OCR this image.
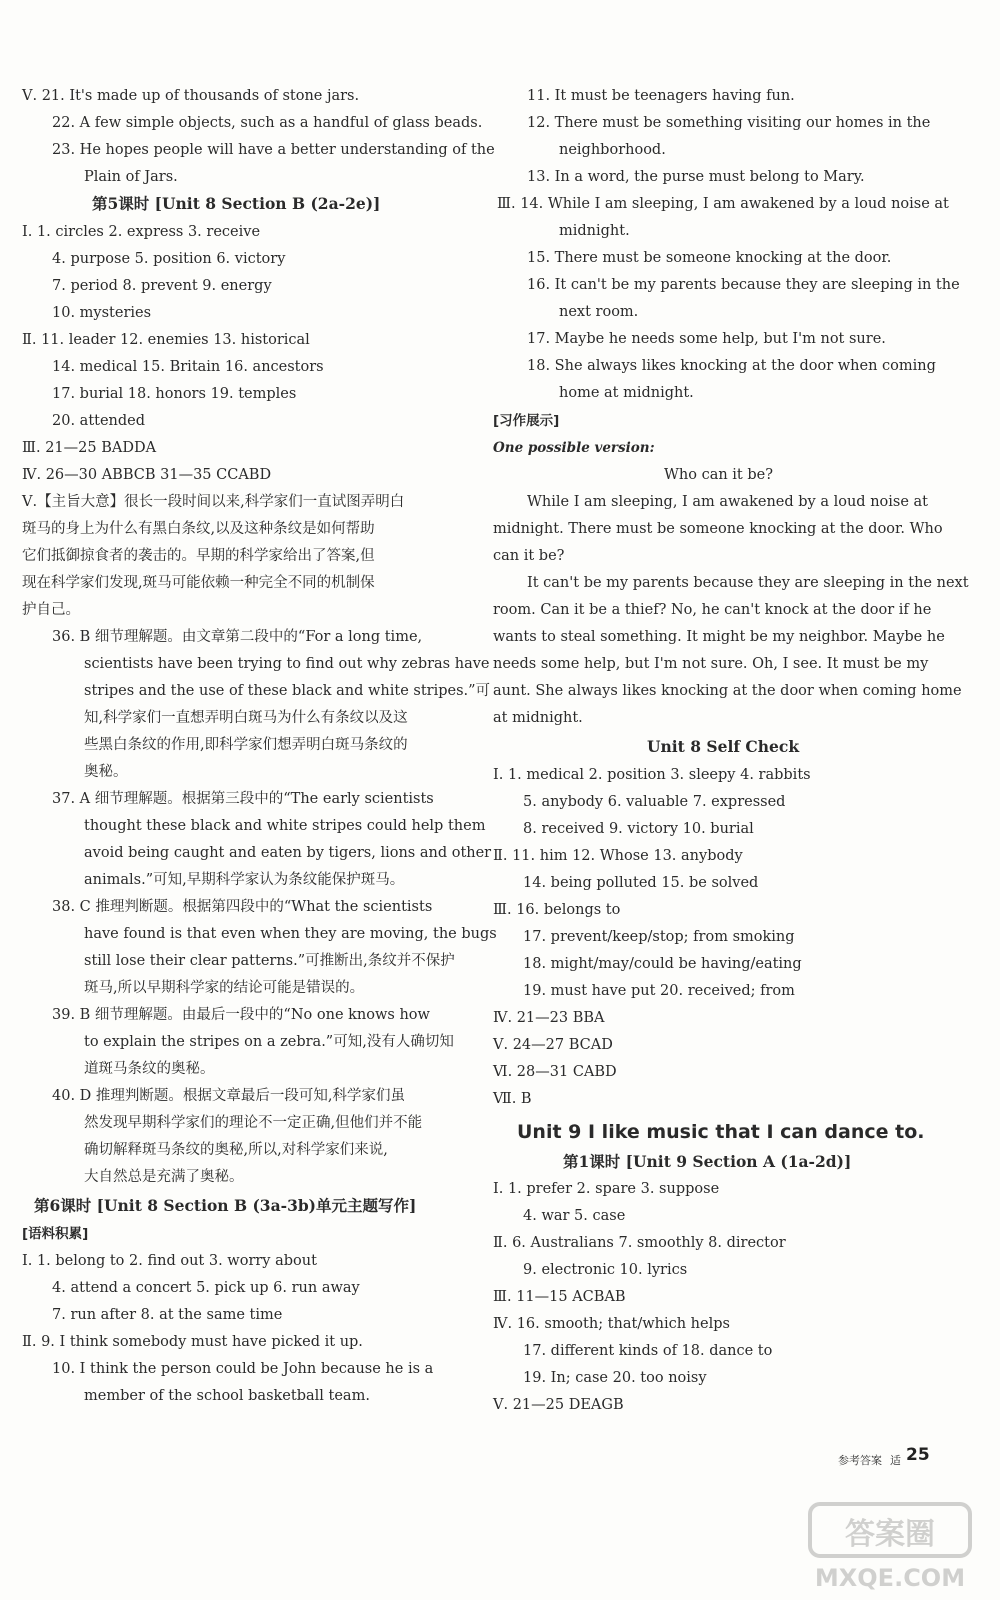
Ⅴ. 21. It's made up of thousands of stone jars.
22. A few simple objects, such as a handful of glass beads.
23. He hopes people will have a better understanding of the
Plain of Jars.
第5课时 [Unit 8 Section B (2a-2e)]
Ⅰ. 1. circles 2. express 3. receive
4. purpose 5. position 6. victory
7. period 8. prevent 9. energy
10. mysteries
Ⅱ. 11. leader 12. enemies 13. historical
14. medical 15. Britain 16. ancestors
17. burial 18. honors 19. temples
20. attended
Ⅲ. 21—25 BADDA
Ⅳ. 26—30 ABBCB 31—35 CCABD
Ⅴ.【主旨大意】很长一段时间以来,科学家们一直试图弄明白
斑马的身上为什么有黑白条纹,以及这种条纹是如何帮助
它们抵御掠食者的袭击的。早期的科学家给出了答案,但
现在科学家们发现,斑马可能依赖一种完全不同的机制保
护自己。
36. B 细节理解题。由文章第二段中的“For a long time,
scientists have been trying to find out why zebras have
stripes and the use of these black and white stripes.”可
知,科学家们一直想弄明白斑马为什么有条纹以及这
些黑白条纹的作用,即科学家们想弄明白斑马条纹的
奥秘。
37. A 细节理解题。根据第三段中的“The early scientists
thought these black and white stripes could help them
avoid being caught and eaten by tigers, lions and other
animals.”可知,早期科学家认为条纹能保护斑马。
38. C 推理判断题。根据第四段中的“What the scientists
have found is that even when they are moving, the bugs
still lose their clear patterns.”可推断出,条纹并不保护
斑马,所以早期科学家的结论可能是错误的。
39. B 细节理解题。由最后一段中的“No one knows how
to explain the stripes on a zebra.”可知,没有人确切知
道斑马条纹的奥秘。
40. D 推理判断题。根据文章最后一段可知,科学家们虽
然发现早期科学家们的理论不一定正确,但他们并不能
确切解释斑马条纹的奥秘,所以,对科学家们来说,
大自然总是充满了奥秘。
第6课时 [Unit 8 Section B (3a-3b)单元主题写作]
[语料积累]
Ⅰ. 1. belong to 2. find out 3. worry about
4. attend a concert 5. pick up 6. run away
7. run after 8. at the same time
Ⅱ. 9. I think somebody must have picked it up.
10. I think the person could be John because he is a
member of the school basketball team.
11. It must be teenagers having fun.
12. There must be something visiting our homes in the
neighborhood.
13. In a word, the purse must belong to Mary.
Ⅲ. 14. While I am sleeping, I am awakened by a loud noise at
midnight.
15. There must be someone knocking at the door.
16. It can't be my parents because they are sleeping in the
next room.
17. Maybe he needs some help, but I'm not sure.
18. She always likes knocking at the door when coming
home at midnight.
[习作展示]
One possible version:
Who can it be?
While I am sleeping, I am awakened by a loud noise at
midnight. There must be someone knocking at the door. Who
can it be?
It can't be my parents because they are sleeping in the next
room. Can it be a thief? No, he can't knock at the door if he
wants to steal something. It might be my neighbor. Maybe he
needs some help, but I'm not sure. Oh, I see. It must be my
aunt. She always likes knocking at the door when coming home
at midnight.
Unit 8 Self Check
Ⅰ. 1. medical 2. position 3. sleepy 4. rabbits
5. anybody 6. valuable 7. expressed
8. received 9. victory 10. burial
Ⅱ. 11. him 12. Whose 13. anybody
14. being polluted 15. be solved
Ⅲ. 16. belongs to
17. prevent/keep/stop; from smoking
18. might/may/could be having/eating
19. must have put 20. received; from
Ⅳ. 21—23 BBA
Ⅴ. 24—27 BCAD
Ⅵ. 28—31 CABD
Ⅶ. B
Unit 9 I like music that I can dance to.
第1课时 [Unit 9 Section A (1a-2d)]
Ⅰ. 1. prefer 2. spare 3. suppose
4. war 5. case
Ⅱ. 6. Australians 7. smoothly 8. director
9. electronic 10. lyrics
Ⅲ. 11—15 ACBAB
Ⅳ. 16. smooth; that/which helps
17. different kinds of 18. dance to
19. In; case 20. too noisy
Ⅴ. 21—25 DEAGB
参考答案 适 25
答案圈
MXQE.COM
